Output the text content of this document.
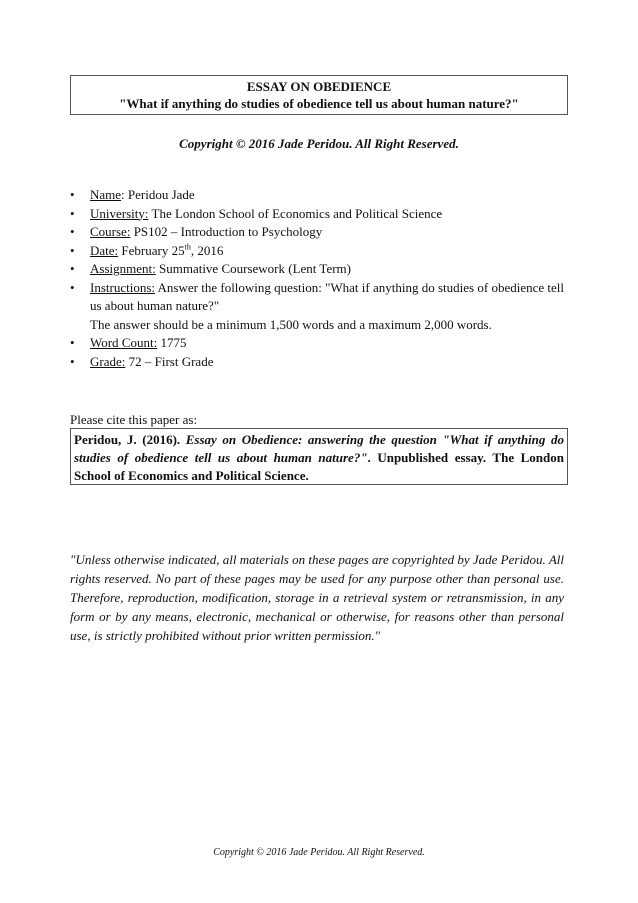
ESSAY ON OBEDIENCE
"What if anything do studies of obedience tell us about human nature?"
Copyright © 2016 Jade Peridou. All Right Reserved.
• Name: Peridou Jade
• University: The London School of Economics and Political Science
• Course: PS102 – Introduction to Psychology
• Date: February 25th, 2016
• Assignment: Summative Coursework (Lent Term)
• Instructions: Answer the following question: "What if anything do studies of obedience tell us about human nature?"
The answer should be a minimum 1,500 words and a maximum 2,000 words.
• Word Count: 1775
• Grade: 72 – First Grade
Please cite this paper as:
Peridou, J. (2016). Essay on Obedience: answering the question "What if anything do studies of obedience tell us about human nature?". Unpublished essay. The London School of Economics and Political Science.
"Unless otherwise indicated, all materials on these pages are copyrighted by Jade Peridou. All rights reserved. No part of these pages may be used for any purpose other than personal use. Therefore, reproduction, modification, storage in a retrieval system or retransmission, in any form or by any means, electronic, mechanical or otherwise, for reasons other than personal use, is strictly prohibited without prior written permission."
Copyright © 2016 Jade Peridou. All Right Reserved.
